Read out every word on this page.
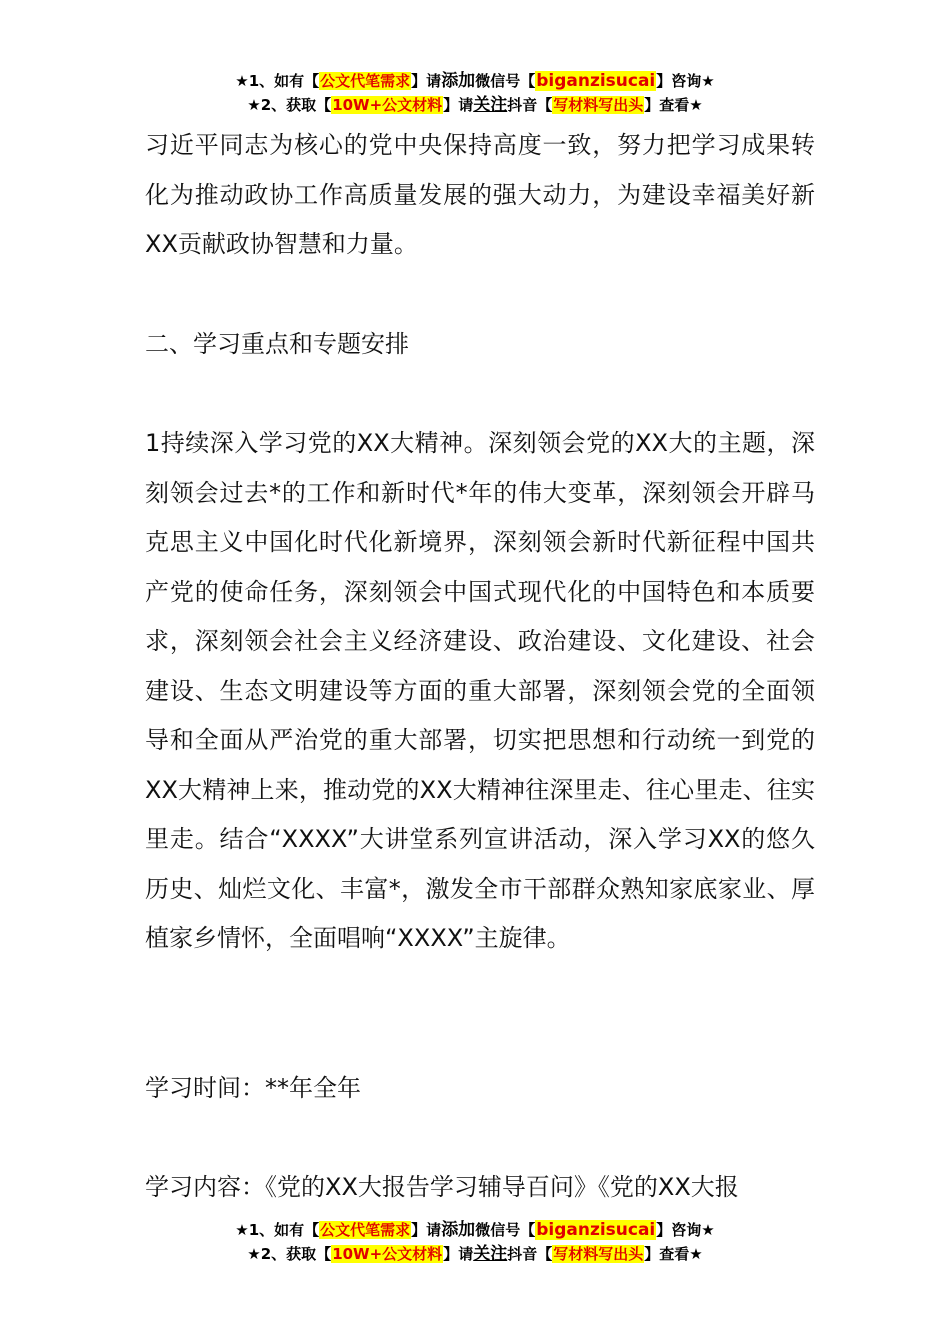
★1、如有【公文代笔需求】请添加微信号【biganzisucai】咨询★
★2、获取【10W+公文材料】请关注抖音【写材料写出头】查看★

习近平同志为核心的党中央保持高度一致，努力把学习成果转化为推动政协工作高质量发展的强大动力，为建设幸福美好新XX贡献政协智慧和力量。

二、学习重点和专题安排

1持续深入学习党的XX大精神。深刻领会党的XX大的主题，深刻领会过去*的工作和新时代*年的伟大变革，深刻领会开辟马克思主义中国化时代化新境界，深刻领会新时代新征程中国共产党的使命任务，深刻领会中国式现代化的中国特色和本质要求，深刻领会社会主义经济建设、政治建设、文化建设、社会建设、生态文明建设等方面的重大部署，深刻领会党的全面领导和全面从严治党的重大部署，切实把思想和行动统一到党的XX大精神上来，推动党的XX大精神往深里走、往心里走、往实里走。结合“XXXX”大讲堂系列宣讲活动，深入学习XX的悠久历史、灿烂文化、丰富*，激发全市干部群众熟知家底家业、厚植家乡情怀，全面唱响“XXXX”主旋律。

学习时间：**年全年

学习内容：《党的XX大报告学习辅导百问》《党的XX大报

★1、如有【公文代笔需求】请添加微信号【biganzisucai】咨询★
★2、获取【10W+公文材料】请关注抖音【写材料写出头】查看★
